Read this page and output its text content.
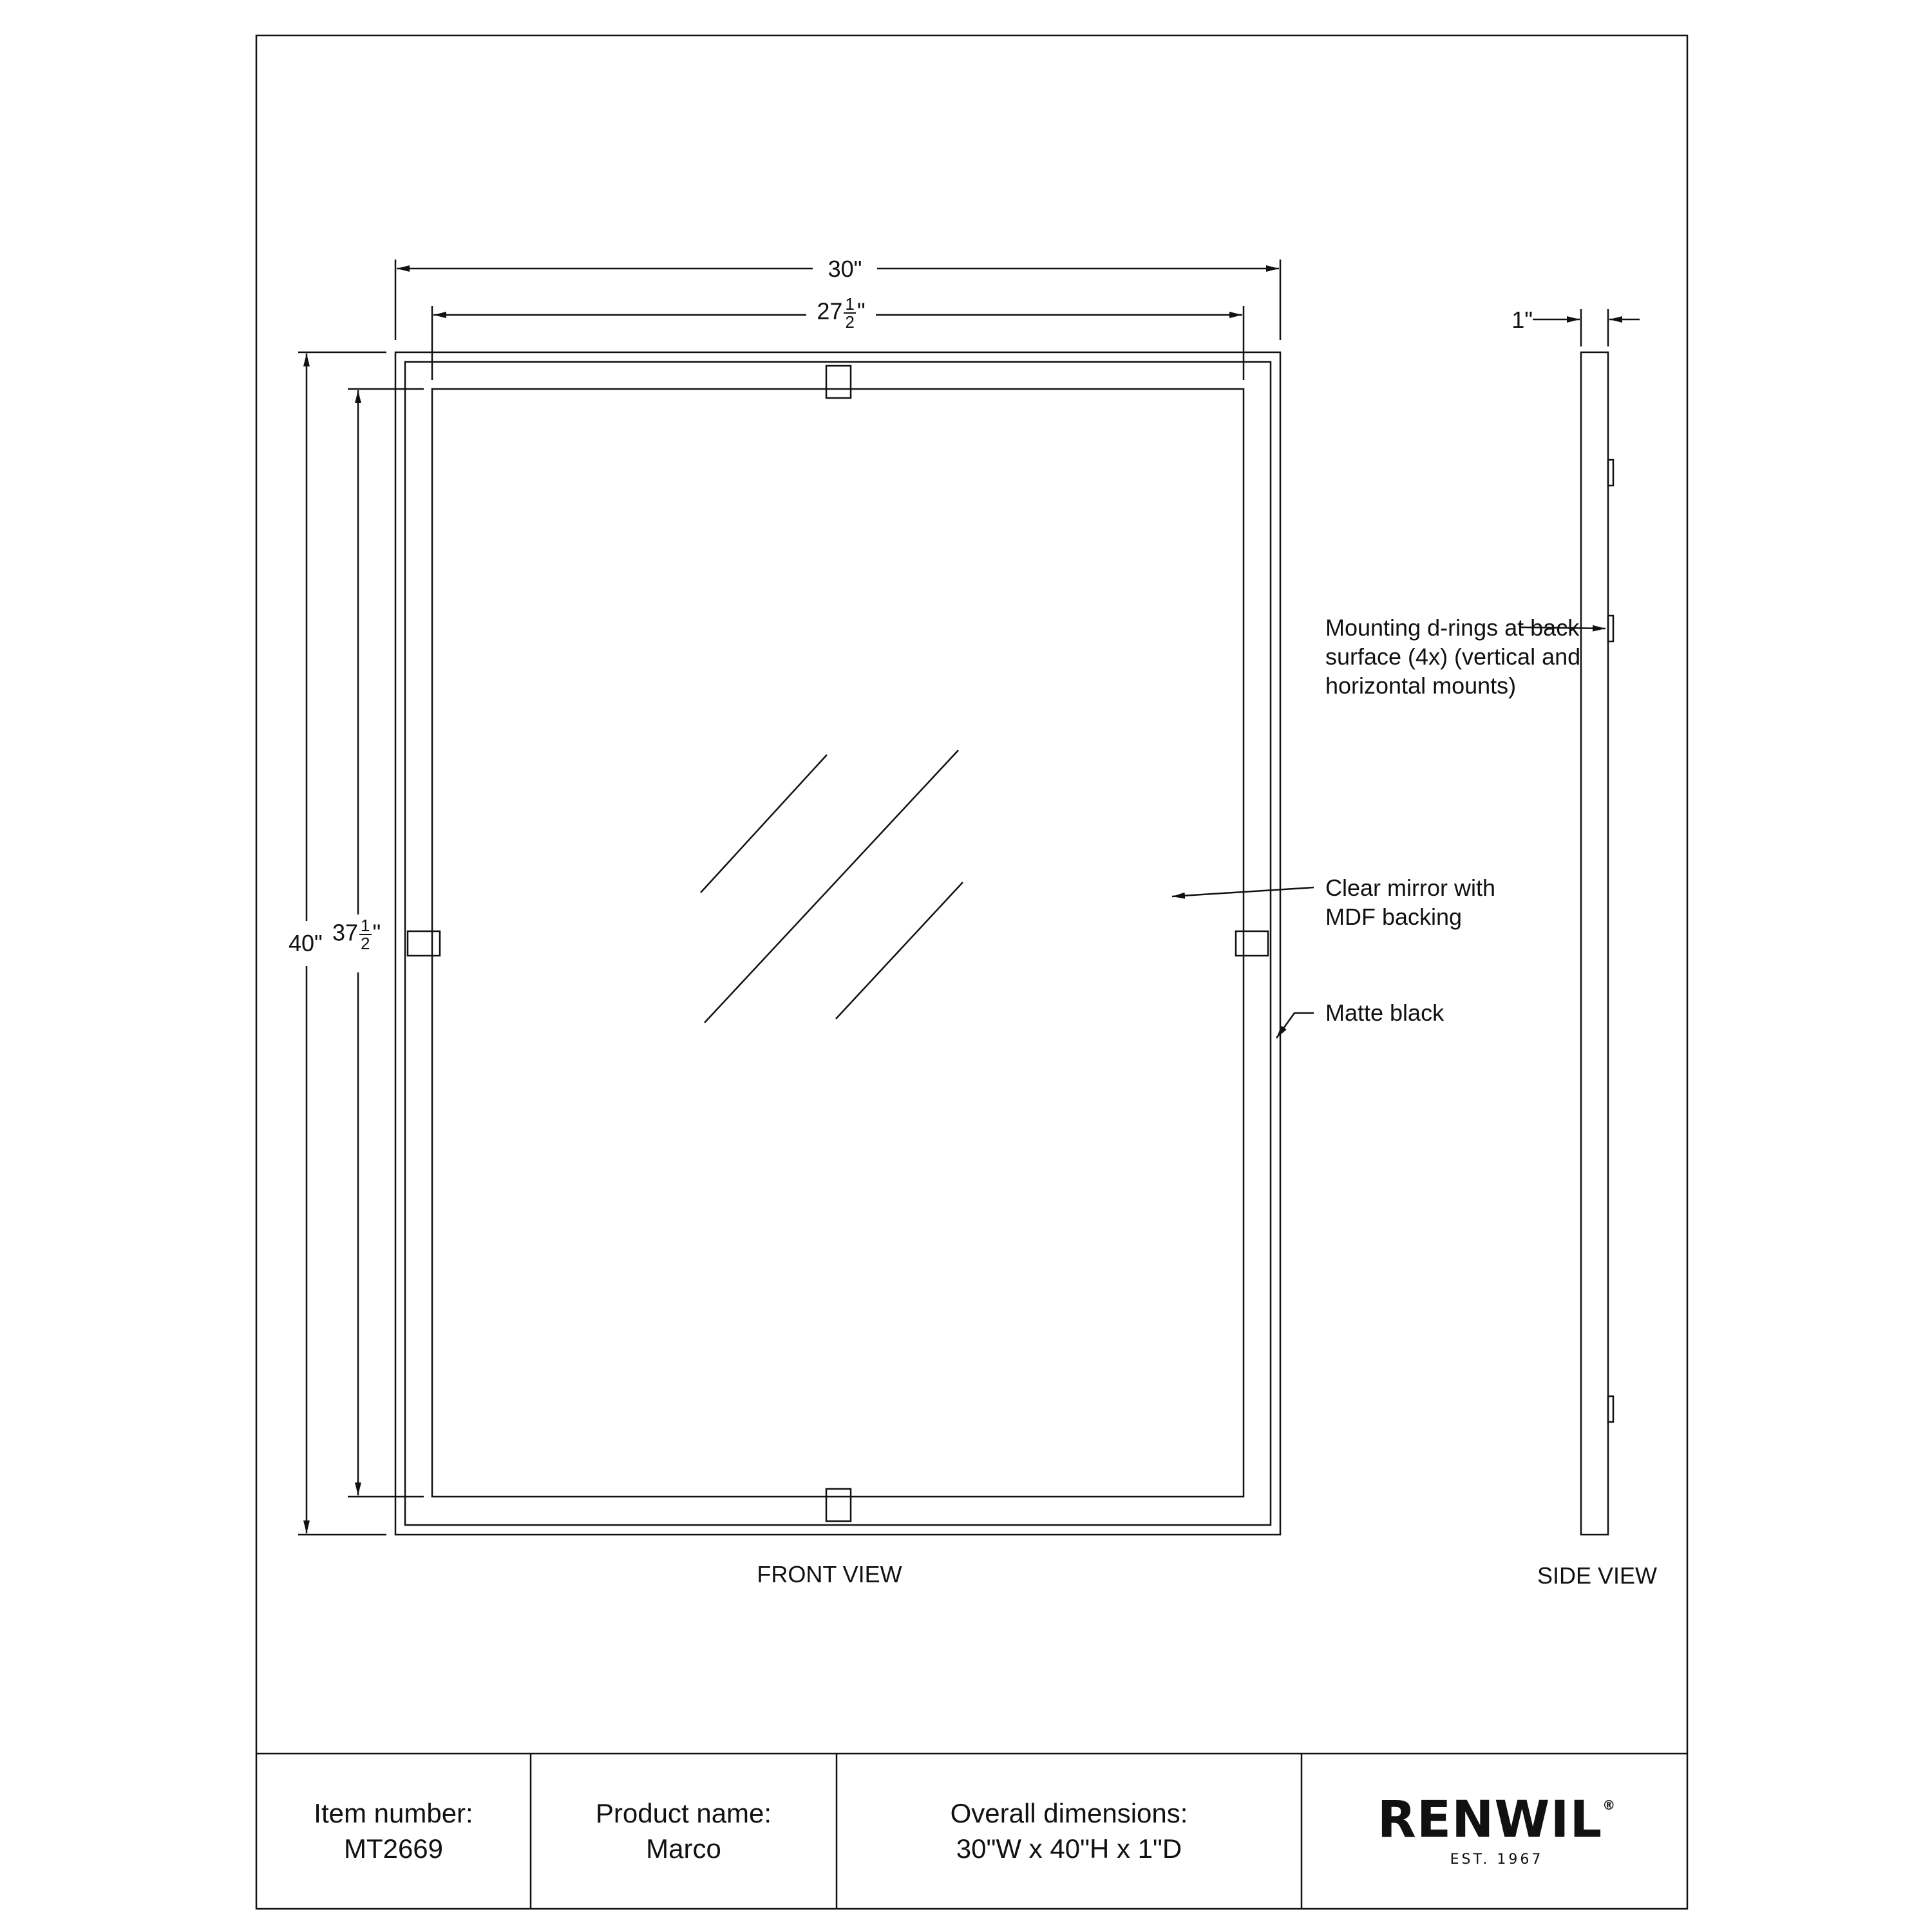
30"
$27 \frac{1}{2}$ "	1"
40" $37 \frac{1}{2}$ "
Mounting d-rings at back surface (4x) (vertical and horizontal mounts)
Clear mirror with MDF backing
Matte black
FRONT VIEW	SIDE VIEW
Item number:
MT2669
Product name:
Marco
Overall dimensions:
30"W x 40"H x 1"D	RENWIL®
EST. 1967
